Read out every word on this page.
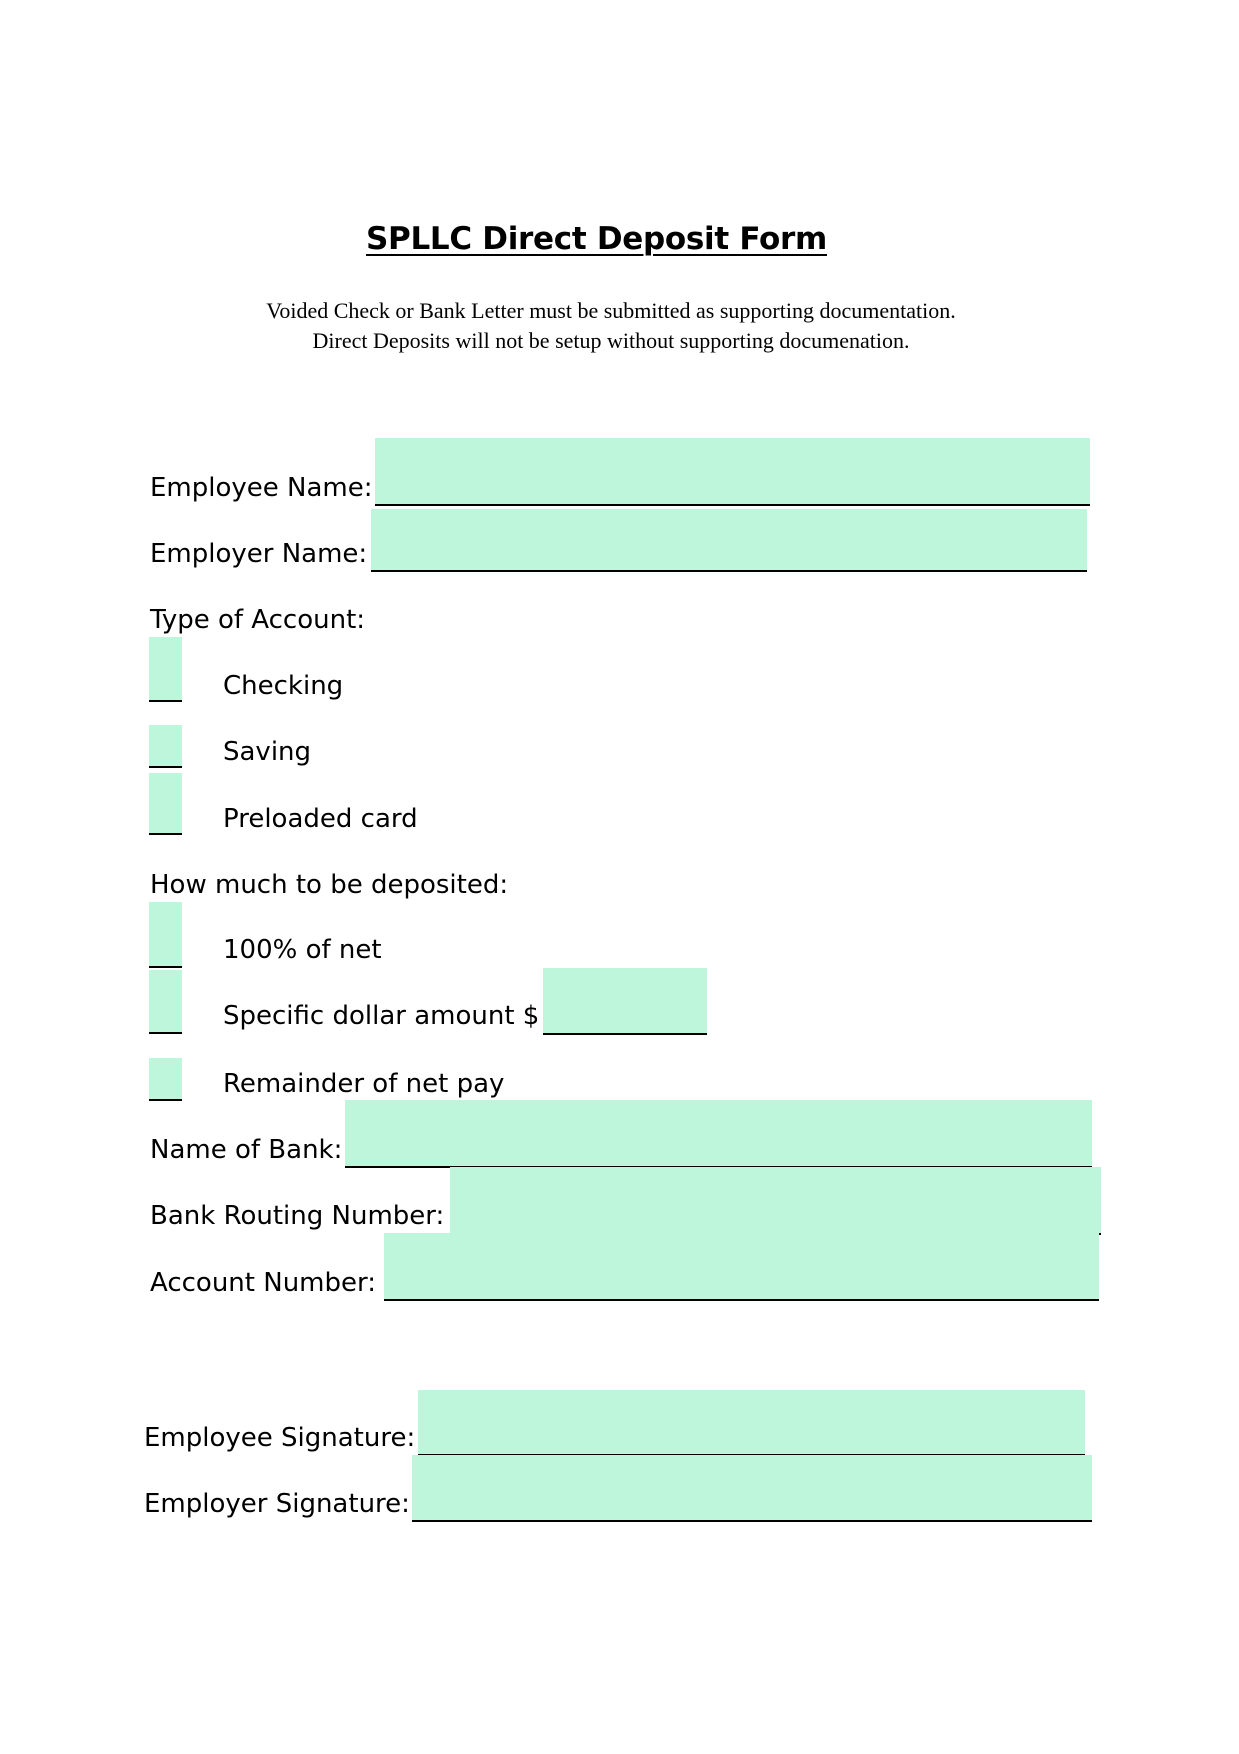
SPLLC Direct Deposit Form
Voided Check or Bank Letter must be submitted as supporting documentation.
Direct Deposits will not be setup without supporting documenation.
Employee Name:
Employer Name:
Type of Account:
Checking
Saving
Preloaded card
How much to be deposited:
100% of net
Specific dollar amount $
Remainder of net pay
Name of Bank:
Bank Routing Number:
Account Number:
Employee Signature:
Employer Signature:
